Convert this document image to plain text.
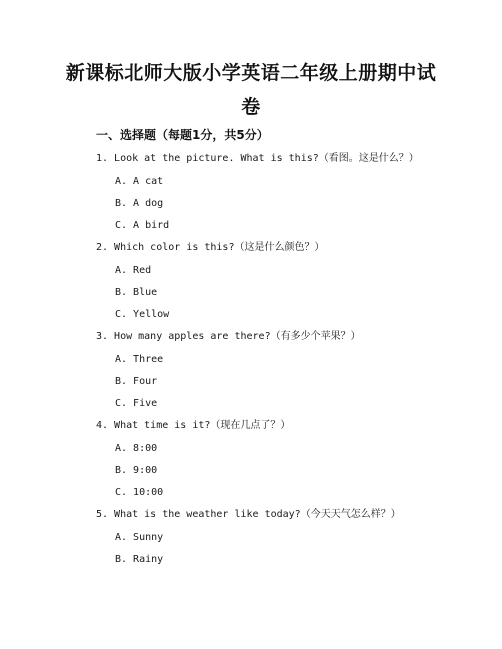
新课标北师大版小学英语二年级上册期中试
卷
一、选择题（每题1分，共5分）
1. Look at the picture. What is this?（看图。这是什么？）
A. A cat
B. A dog
C. A bird
2. Which color is this?（这是什么颜色？）
A. Red
B. Blue
C. Yellow
3. How many apples are there?（有多少个苹果？）
A. Three
B. Four
C. Five
4. What time is it?（现在几点了？）
A. 8:00
B. 9:00
C. 10:00
5. What is the weather like today?（今天天气怎么样？）
A. Sunny
B. Rainy
